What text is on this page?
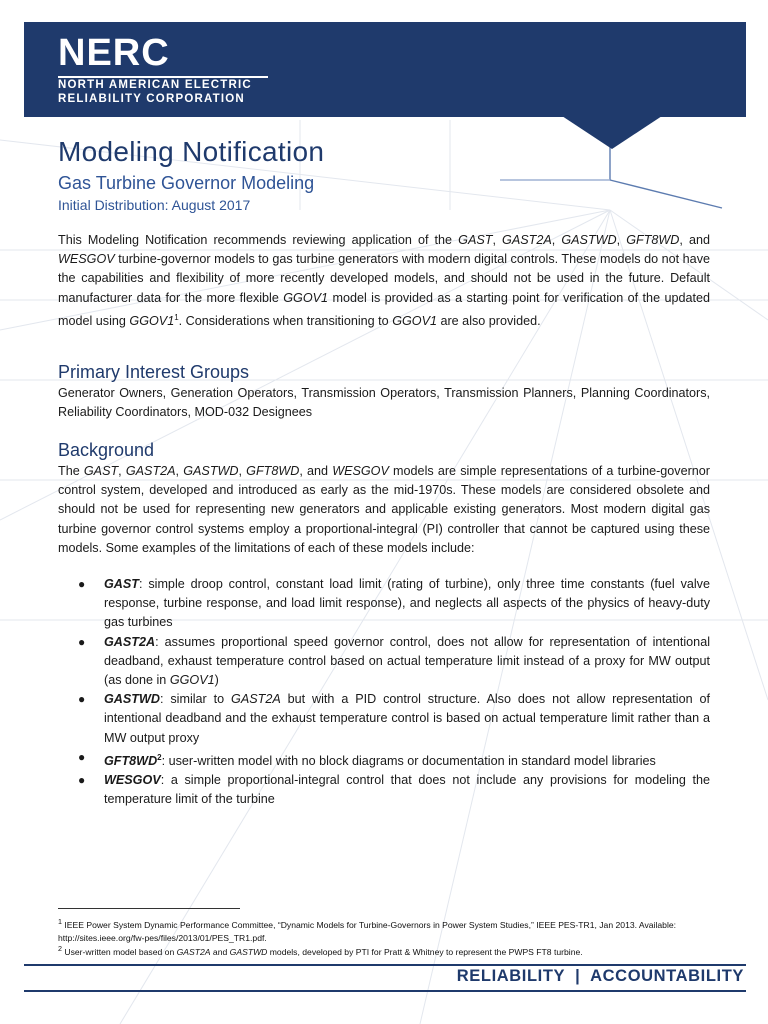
NERC
NORTH AMERICAN ELECTRIC
RELIABILITY CORPORATION
Modeling Notification
Gas Turbine Governor Modeling
Initial Distribution: August 2017
This Modeling Notification recommends reviewing application of the GAST, GAST2A, GASTWD, GFT8WD, and WESGOV turbine-governor models to gas turbine generators with modern digital controls. These models do not have the capabilities and flexibility of more recently developed models, and should not be used in the future. Default manufacturer data for the more flexible GGOV1 model is provided as a starting point for verification of the updated model using $GGOV1^1$. Considerations when transitioning to GGOV1 are also provided.
Primary Interest Groups
Generator Owners, Generation Operators, Transmission Operators, Transmission Planners, Planning Coordinators, Reliability Coordinators, MOD-032 Designees
Background
The GAST, GAST2A, GASTWD, GFT8WD, and WESGOV models are simple representations of a turbine-governor control system, developed and introduced as early as the mid-1970s. These models are considered obsolete and should not be used for representing new generators and applicable existing generators. Most modern digital gas turbine governor control systems employ a proportional-integral (PI) controller that cannot be captured using these models. Some examples of the limitations of each of these models include:
● GAST: simple droop control, constant load limit (rating of turbine), only three time constants (fuel valve response, turbine response, and load limit response), and neglects all aspects of the physics of heavy-duty gas turbines
● GAST2A: assumes proportional speed governor control, does not allow for representation of intentional deadband, exhaust temperature control based on actual temperature limit instead of a proxy for MW output (as done in GGOV1)
● GASTWD: similar to GAST2A but with a PID control structure. Also does not allow representation of intentional deadband and the exhaust temperature control is based on actual temperature limit rather than a MW output proxy
● $GFT8WD^2$: user-written model with no block diagrams or documentation in standard model libraries
● WESGOV: a simple proportional-integral control that does not include any provisions for modeling the temperature limit of the turbine
$^1$ IEEE Power System Dynamic Performance Committee, “Dynamic Models for Turbine-Governors in Power System Studies,” IEEE PES-TR1, Jan 2013. Available: http://sites.ieee.org/fw-pes/files/2013/01/PES_TR1.pdf.
$^2$ User-written model based on GAST2A and GASTWD models, developed by PTI for Pratt & Whitney to represent the PWPS FT8 turbine.
RELIABILITY  |  ACCOUNTABILITY
